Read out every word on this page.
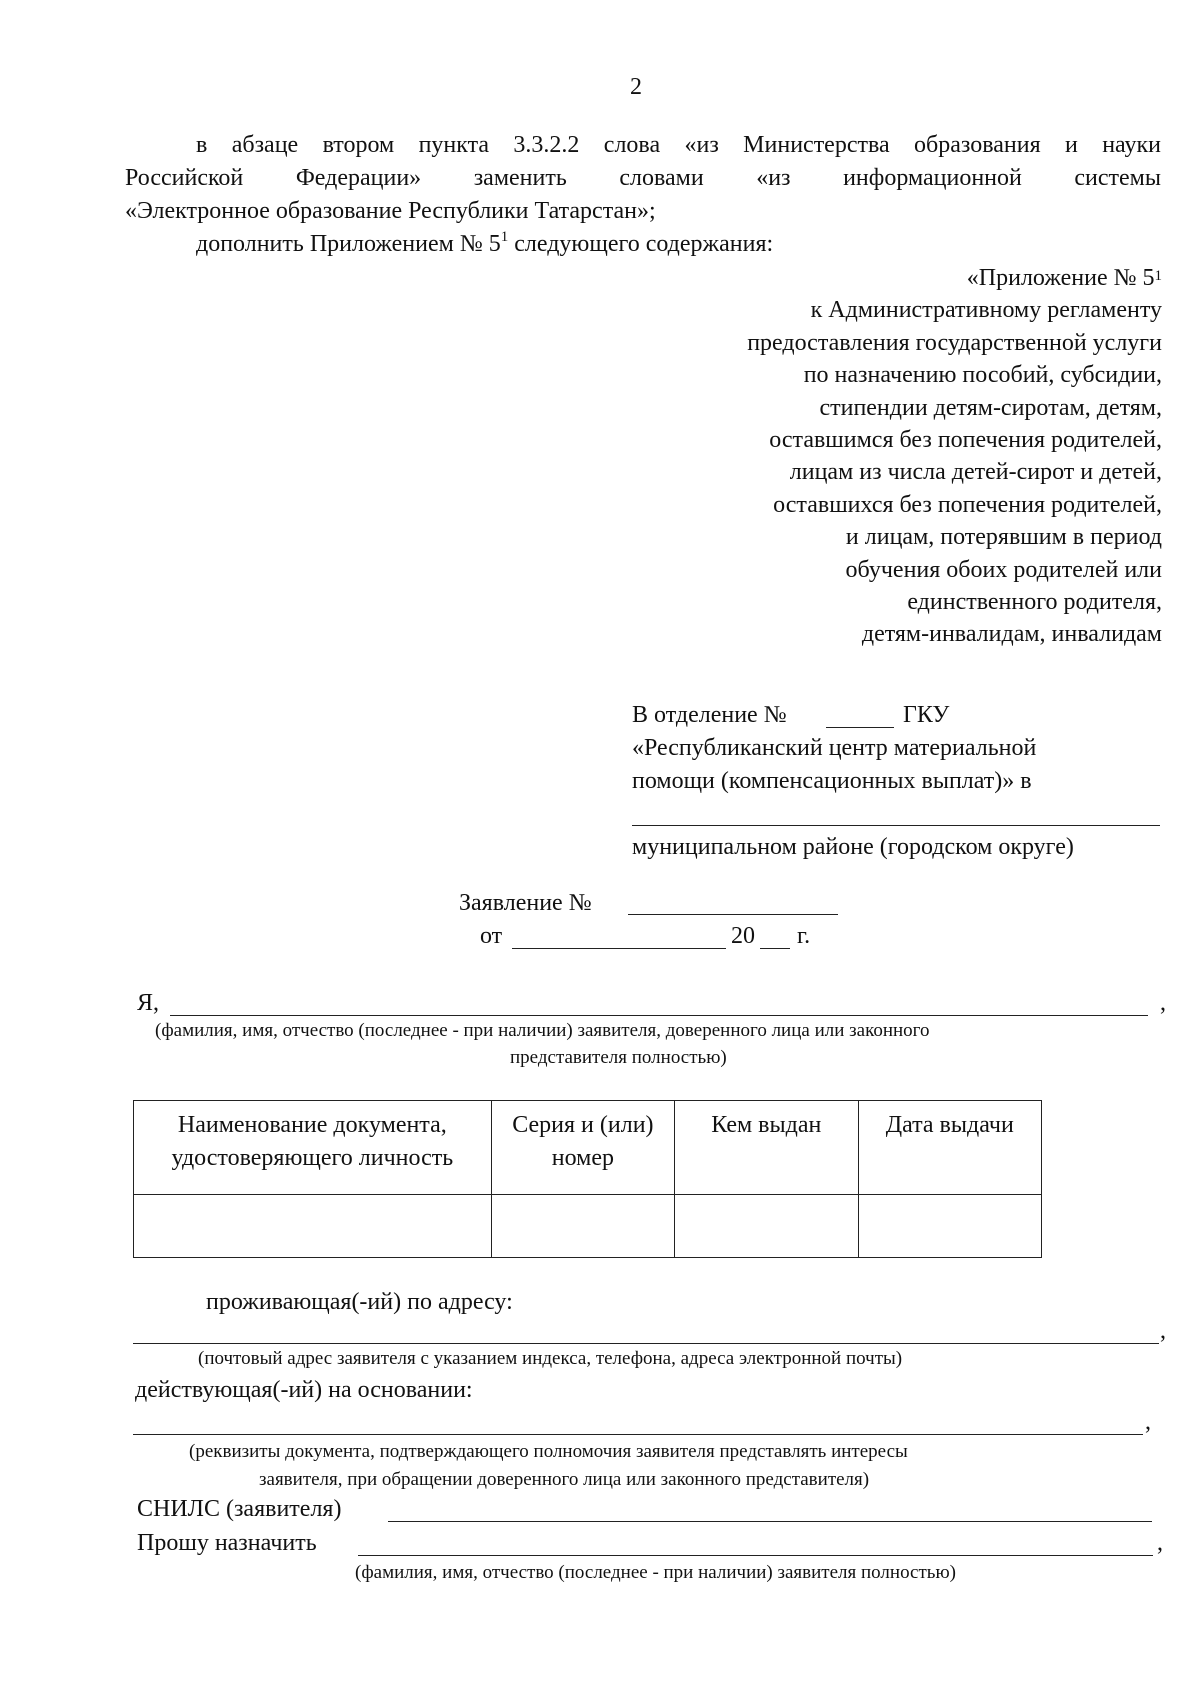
2
в абзаце втором пункта 3.3.2.2 слова «из Министерства образования и науки
Российской Федерации» заменить словами «из информационной системы
«Электронное образование Республики Татарстан»;
дополнить Приложением № $5^1$ следующего содержания:
«Приложение № $5^1$
к Административному регламенту
предоставления государственной услуги
по назначению пособий, субсидии,
стипендии детям-сиротам, детям,
оставшимся без попечения родителей,
лицам из числа детей-сирот и детей,
оставшихся без попечения родителей,
и лицам, потерявшим в период
обучения обоих родителей или
единственного родителя,
детям-инвалидам, инвалидам
В отделение №	ГКУ
«Республиканский центр материальной
помощи (компенсационных выплат)» в
муниципальном районе (городском округе)
Заявление №
от	20 г.
Я,	,
(фамилия, имя, отчество (последнее - при наличии) заявителя, доверенного лица или законного
представителя полностью)
Наименование документа, удостоверяющего личность	Серия и (или) номер	Кем выдан	Дата выдачи

проживающая(-ий) по адресу:
,
(почтовый адрес заявителя с указанием индекса, телефона, адреса электронной почты)
действующая(-ий) на основании:
,
(реквизиты документа, подтверждающего полномочия заявителя представлять интересы
заявителя, при обращении доверенного лица или законного представителя)
СНИЛС (заявителя)
Прошу назначить	,
(фамилия, имя, отчество (последнее - при наличии) заявителя полностью)
